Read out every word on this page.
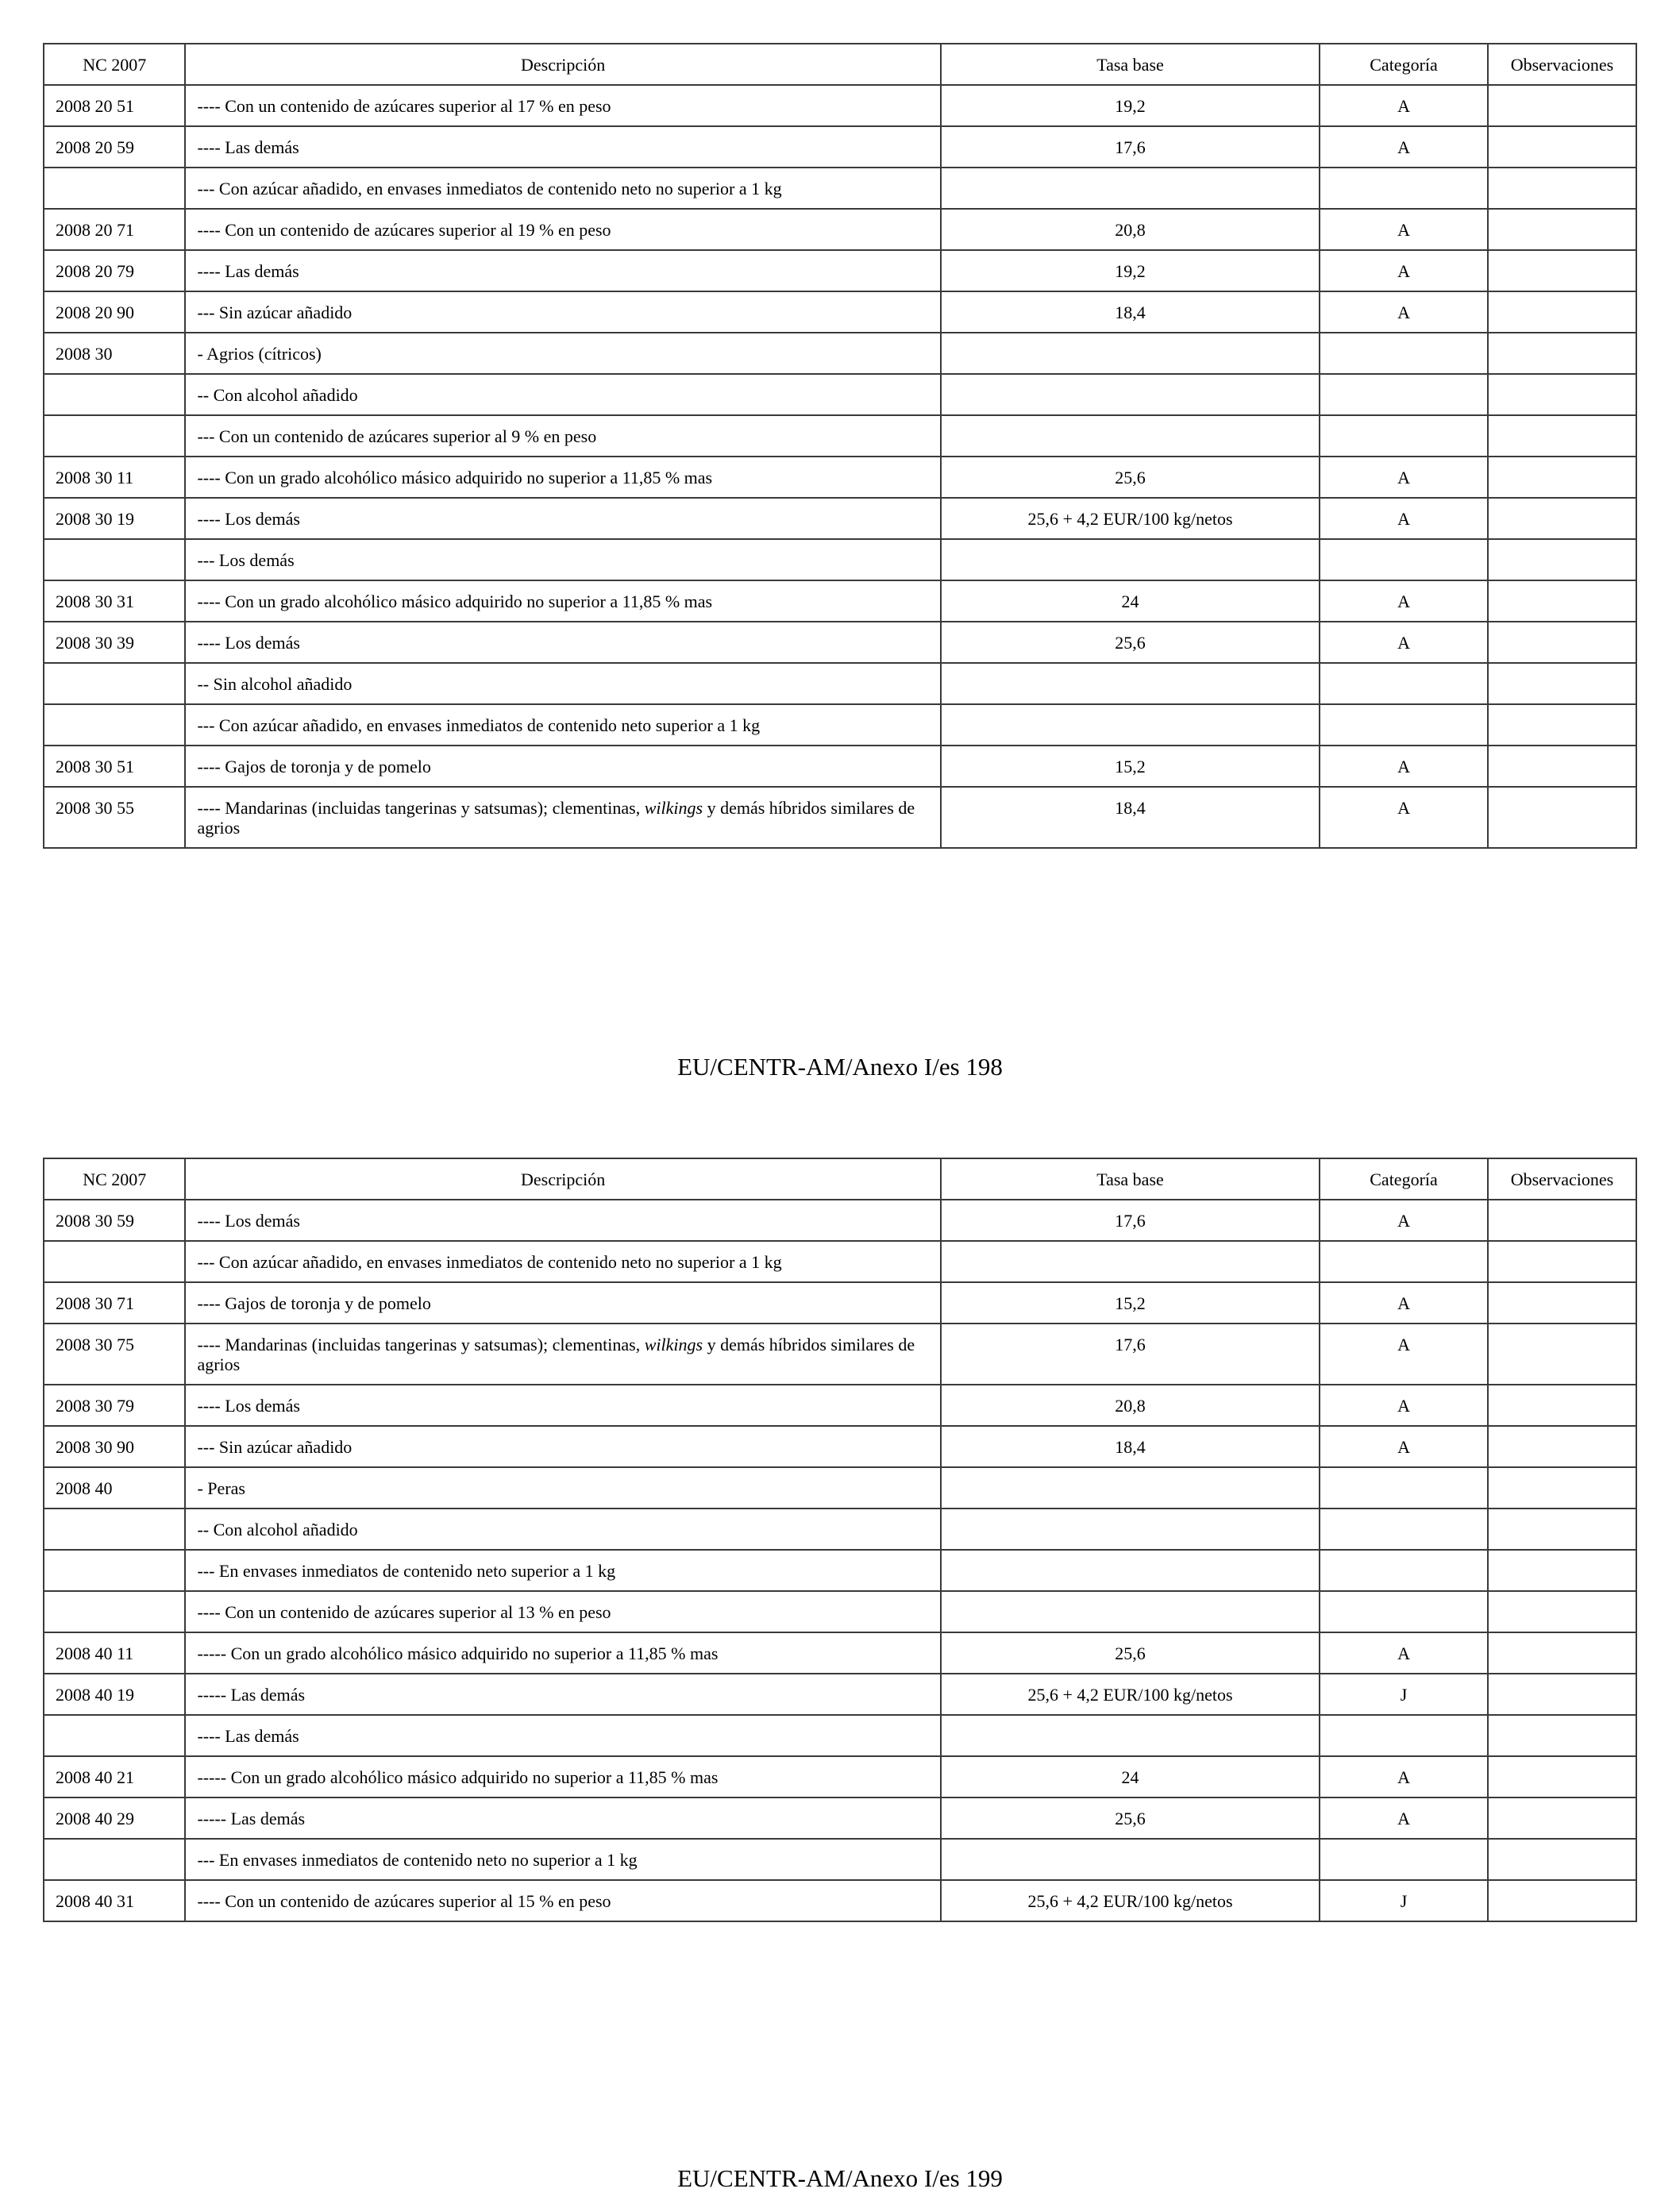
NC 2007	Descripción	Tasa base	Categoría	Observaciones
2008 20 51	---- Con un contenido de azúcares superior al 17 % en peso	19,2	A	
2008 20 59	---- Las demás	17,6	A	
	--- Con azúcar añadido, en envases inmediatos de contenido neto no superior a 1 kg			
2008 20 71	---- Con un contenido de azúcares superior al 19 % en peso	20,8	A	
2008 20 79	---- Las demás	19,2	A	
2008 20 90	--- Sin azúcar añadido	18,4	A	
2008 30	- Agrios (cítricos)			
	-- Con alcohol añadido			
	--- Con un contenido de azúcares superior al 9 % en peso			
2008 30 11	---- Con un grado alcohólico másico adquirido no superior a 11,85 % mas	25,6	A	
2008 30 19	---- Los demás	25,6 + 4,2 EUR/100 kg/netos	A	
	--- Los demás			
2008 30 31	---- Con un grado alcohólico másico adquirido no superior a 11,85 % mas	24	A	
2008 30 39	---- Los demás	25,6	A	
	-- Sin alcohol añadido			
	--- Con azúcar añadido, en envases inmediatos de contenido neto superior a 1 kg			
2008 30 51	---- Gajos de toronja y de pomelo	15,2	A	
2008 30 55	---- Mandarinas (incluidas tangerinas y satsumas); clementinas, wilkings y demás híbridos similares de agrios	18,4	A	
EU/CENTR-AM/Anexo I/es 198
NC 2007	Descripción	Tasa base	Categoría	Observaciones
2008 30 59	---- Los demás	17,6	A	
	--- Con azúcar añadido, en envases inmediatos de contenido neto no superior a 1 kg			
2008 30 71	---- Gajos de toronja y de pomelo	15,2	A	
2008 30 75	---- Mandarinas (incluidas tangerinas y satsumas); clementinas, wilkings y demás híbridos similares de agrios	17,6	A	
2008 30 79	---- Los demás	20,8	A	
2008 30 90	--- Sin azúcar añadido	18,4	A	
2008 40	- Peras			
	-- Con alcohol añadido			
	--- En envases inmediatos de contenido neto superior a 1 kg			
	---- Con un contenido de azúcares superior al 13 % en peso			
2008 40 11	----- Con un grado alcohólico másico adquirido no superior a 11,85 % mas	25,6	A	
2008 40 19	----- Las demás	25,6 + 4,2 EUR/100 kg/netos	J	
	---- Las demás			
2008 40 21	----- Con un grado alcohólico másico adquirido no superior a 11,85 % mas	24	A	
2008 40 29	----- Las demás	25,6	A	
	--- En envases inmediatos de contenido neto no superior a 1 kg			
2008 40 31	---- Con un contenido de azúcares superior al 15 % en peso	25,6 + 4,2 EUR/100 kg/netos	J	
EU/CENTR-AM/Anexo I/es 199
